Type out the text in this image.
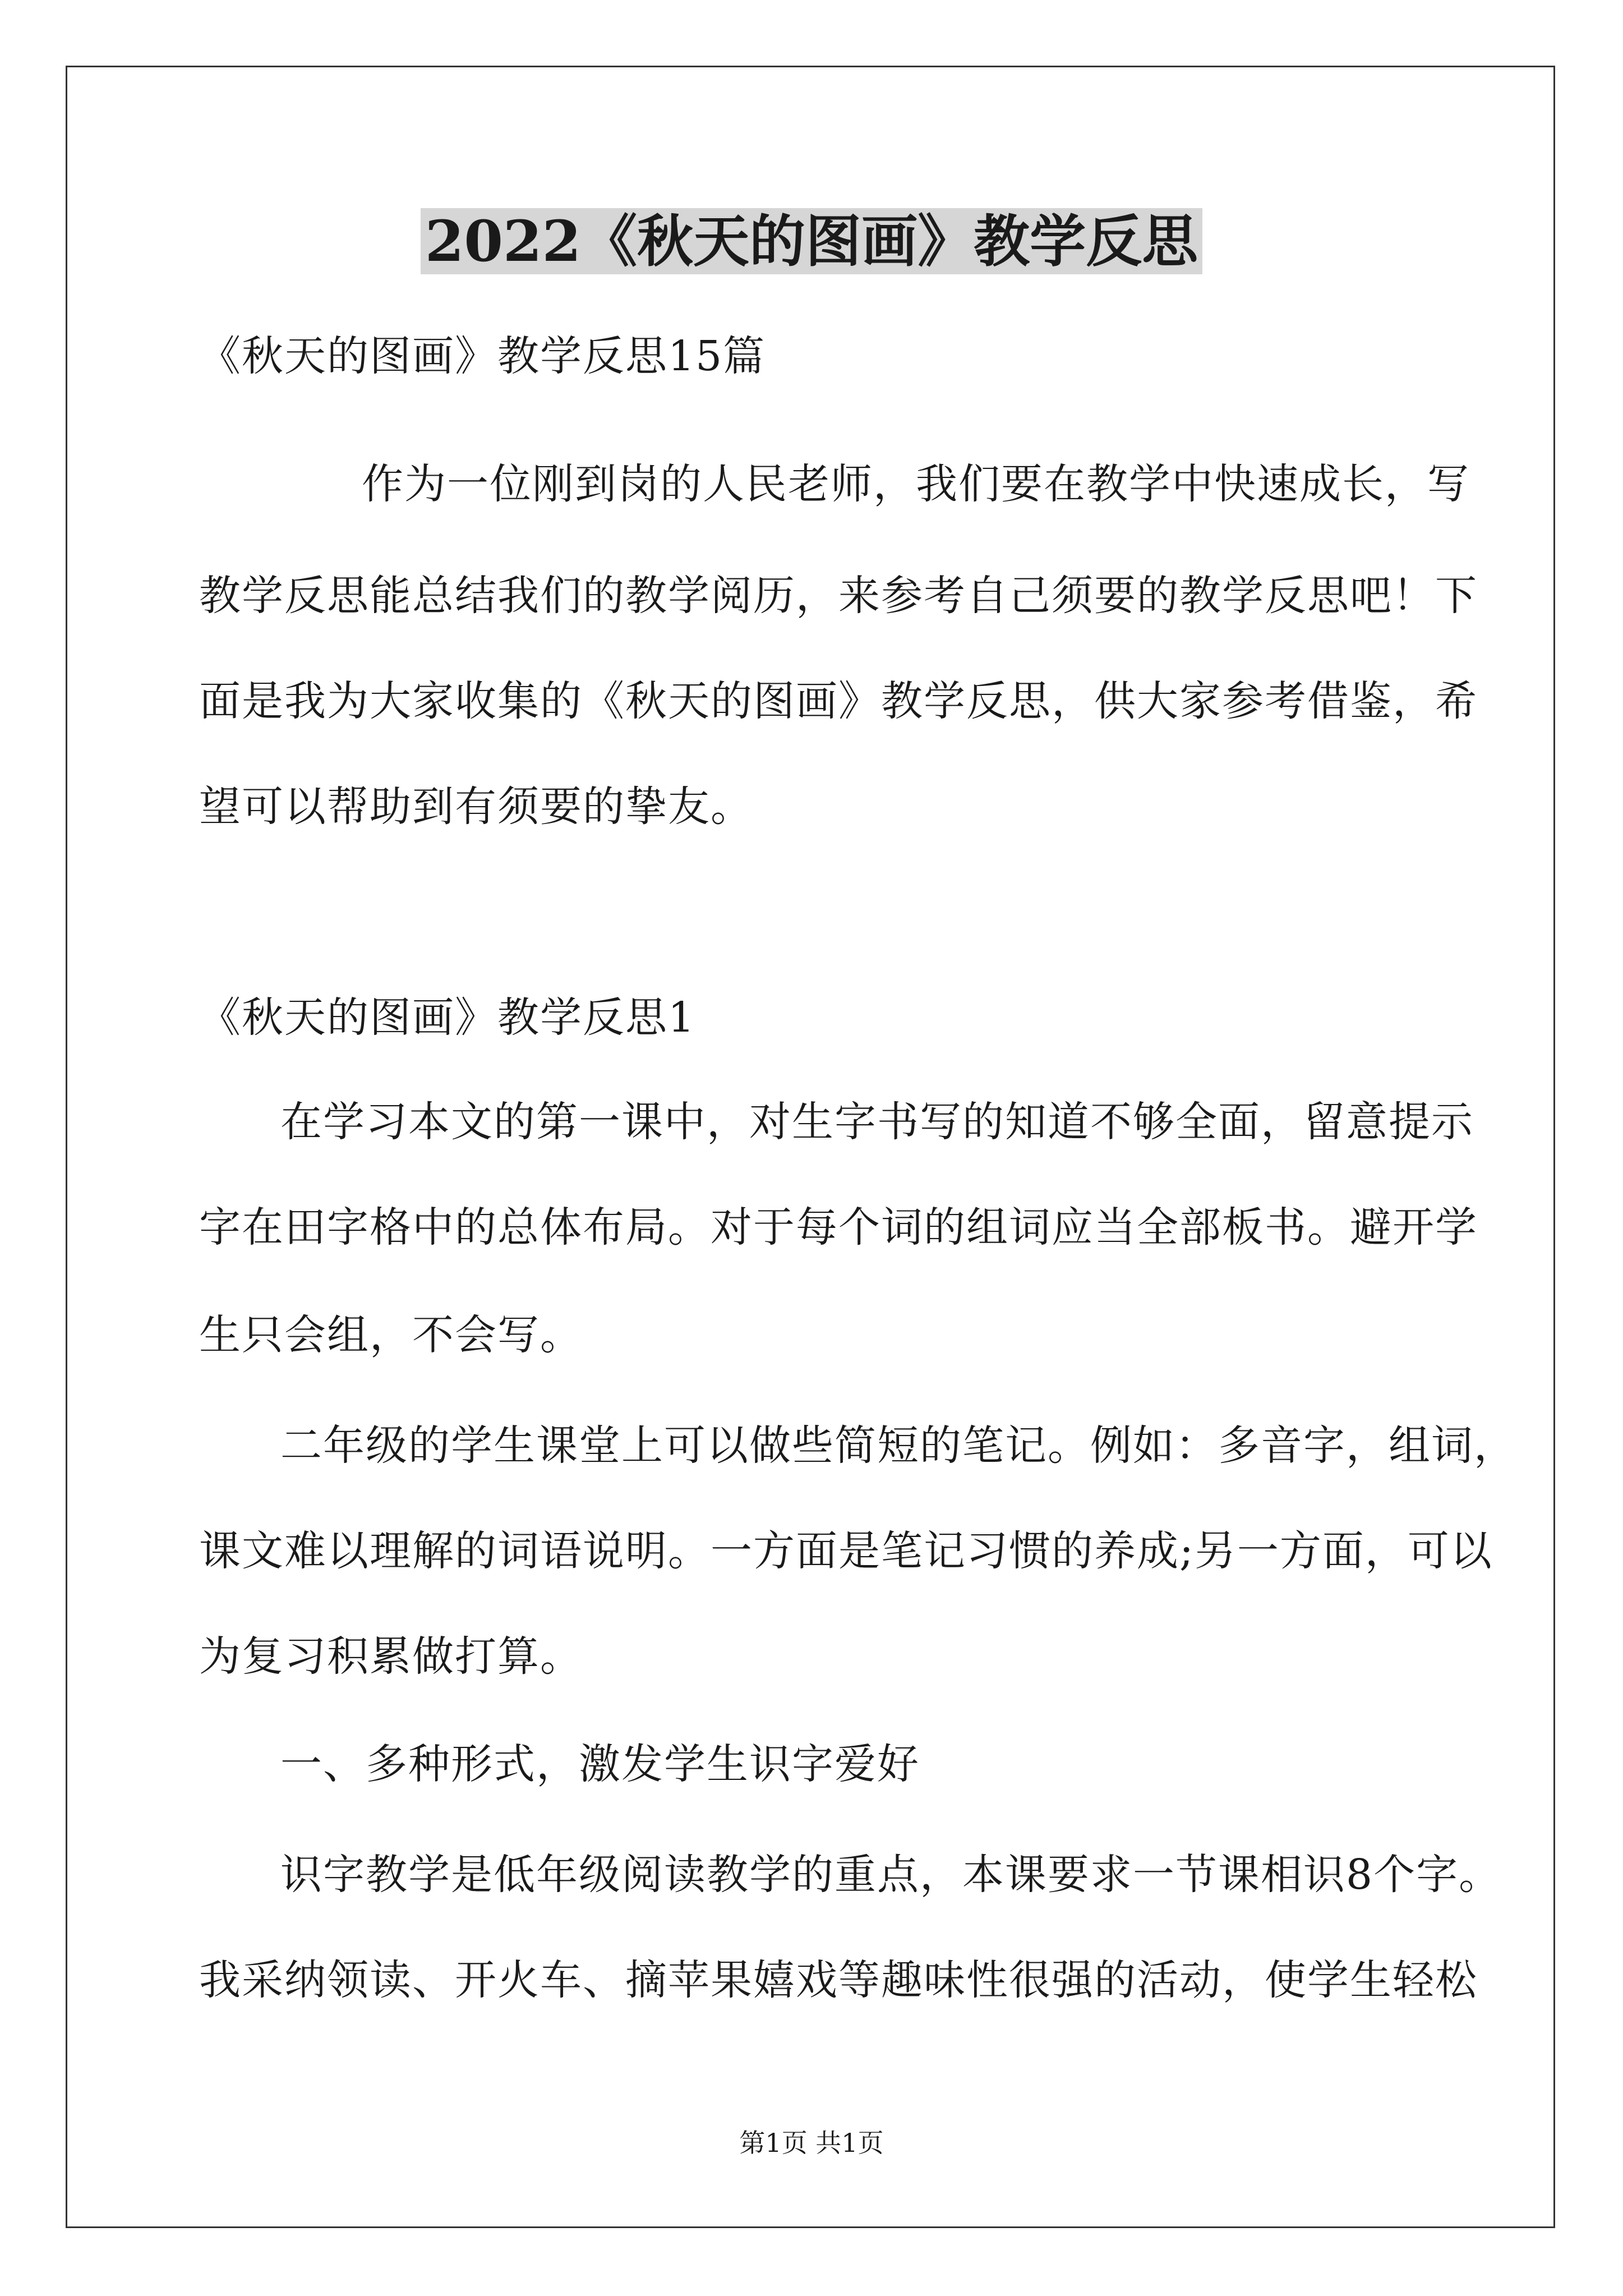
2022《秋天的图画》教学反思

《秋天的图画》教学反思15篇

作为一位刚到岗的人民老师，我们要在教学中快速成长，写

教学反思能总结我们的教学阅历，来参考自己须要的教学反思吧！下

面是我为大家收集的《秋天的图画》教学反思，供大家参考借鉴，希

望可以帮助到有须要的挚友。

《秋天的图画》教学反思1

在学习本文的第一课中，对生字书写的知道不够全面，留意提示

字在田字格中的总体布局。对于每个词的组词应当全部板书。避开学

生只会组，不会写。

二年级的学生课堂上可以做些简短的笔记。例如：多音字，组词，

课文难以理解的词语说明。一方面是笔记习惯的养成;另一方面，可以

为复习积累做打算。

一、多种形式，激发学生识字爱好

识字教学是低年级阅读教学的重点，本课要求一节课相识8个字。

我采纳领读、开火车、摘苹果嬉戏等趣味性很强的活动，使学生轻松

第1页 共1页
